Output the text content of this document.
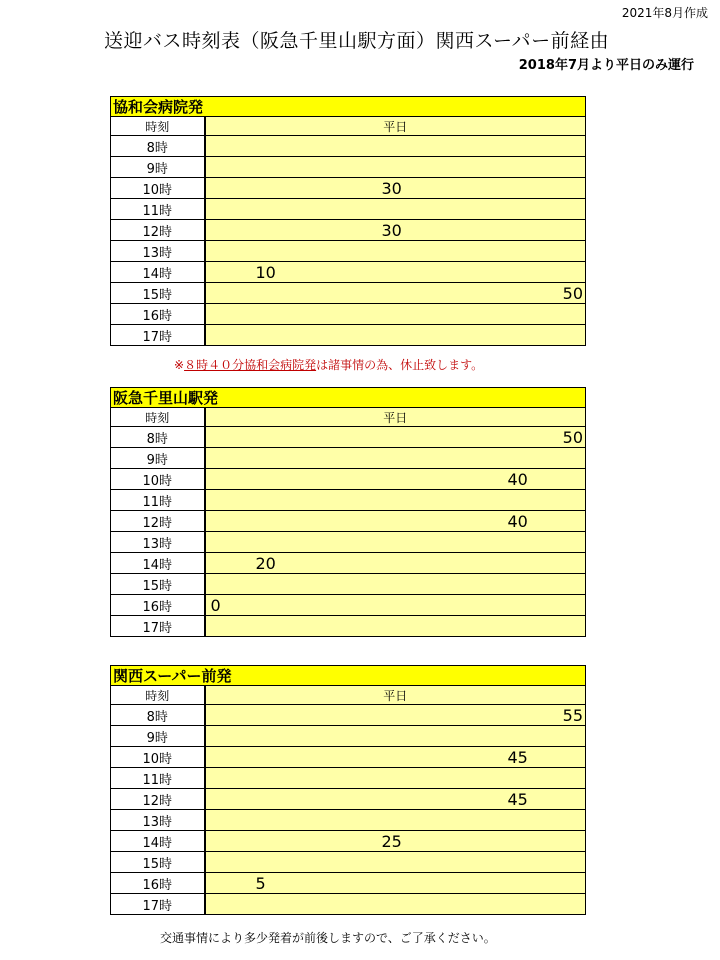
2021年8月作成
送迎バス時刻表（阪急千里山駅方面）関西スーパー前経由
2018年7月より平日のみ運行
協和会病院発
時刻	平日
8時	
9時	
10時	30

11時	
12時	30

13時	
14時	10

15時	50

16時	
17時	
※８時４０分協和会病院発は諸事情の為、休止致します。
阪急千里山駅発
時刻	平日
8時	50

9時	
10時	40

11時	
12時	40

13時	
14時	20

15時	
16時	0

17時	
関西スーパー前発
時刻	平日
8時	55

9時	
10時	45

11時	
12時	45

13時	
14時	25

15時	
16時	5

17時	
交通事情により多少発着が前後しますので、ご了承ください。
